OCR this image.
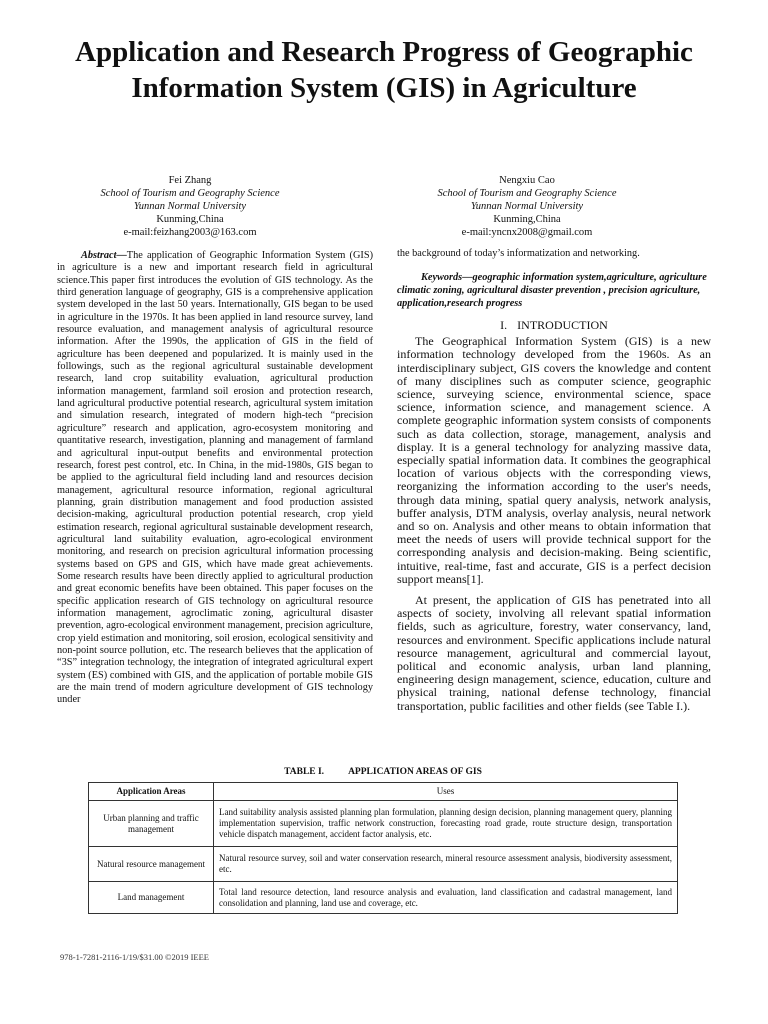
Application and Research Progress of Geographic Information System (GIS) in Agriculture
Fei Zhang
School of Tourism and Geography Science
Yunnan Normal University
Kunming,China
e-mail:feizhang2003@163.com
Nengxiu Cao
School of Tourism and Geography Science
Yunnan Normal University
Kunming,China
e-mail:yncnx2008@gmail.com

Abstract—The application of Geographic Information System (GIS) in agriculture is a new and important research field in agricultural science.This paper first introduces the evolution of GIS technology. As the third generation language of geography, GIS is a comprehensive application system developed in the last 50 years. Internationally, GIS began to be used in agriculture in the 1970s. It has been applied in land resource survey, land resource evaluation, and management analysis of agricultural resource information. After the 1990s, the application of GIS in the field of agriculture has been deepened and popularized. It is mainly used in the followings, such as the regional agricultural sustainable development research, land crop suitability evaluation, agricultural production information management, farmland soil erosion and protection research, land agricultural productive potential research, agricultural system imitation and simulation research, integrated of modern high-tech “precision agriculture” research and application, agro-ecosystem monitoring and quantitative research, investigation, planning and management of farmland and agricultural input-output benefits and environmental protection research, forest pest control, etc. In China, in the mid-1980s, GIS began to be applied to the agricultural field including land and resources decision management, agricultural resource information, regional agricultural planning, grain distribution management and food production assisted decision-making, agricultural production potential research, crop yield estimation research, regional agricultural sustainable development research, agricultural land suitability evaluation, agro-ecological environment monitoring, and research on precision agricultural information processing systems based on GPS and GIS, which have made great achievements. Some research results have been directly applied to agricultural production and great economic benefits have been obtained. This paper focuses on the specific application research of GIS technology on agricultural resource information management, agroclimatic zoning, agricultural disaster prevention, agro-ecological environment management, precision agriculture, crop yield estimation and monitoring, soil erosion, ecological sensitivity and non-point source pollution, etc. The research believes that the application of “3S” integration technology, the integration of integrated agricultural expert system (ES) combined with GIS, and the application of portable mobile GIS are the main trend of modern agriculture development of GIS technology under

the background of today’s informatization and networking.

Keywords—geographic information system,agriculture, agriculture climatic zoning, agricultural disaster prevention , precision agriculture, application,research progress

I. INTRODUCTION

The Geographical Information System (GIS) is a new information technology developed from the 1960s. As an interdisciplinary subject, GIS covers the knowledge and content of many disciplines such as computer science, geographic science, surveying science, environmental science, space science, information science, and management science. A complete geographic information system consists of components such as data collection, storage, management, analysis and display. It is a general technology for analyzing massive data, especially spatial information data. It combines the geographical location of various objects with the corresponding views, reorganizing the information according to the user's needs, through data mining, spatial query analysis, network analysis, buffer analysis, DTM analysis, overlay analysis, neural network and so on. Analysis and other means to obtain information that meet the needs of users will provide technical support for the corresponding analysis and decision-making. Being scientific, intuitive, real-time, fast and accurate, GIS is a perfect decision support means[1].

At present, the application of GIS has penetrated into all aspects of society, involving all relevant spatial information fields, such as agriculture, forestry, water conservancy, land, resources and environment. Specific applications include natural resource management, agricultural and commercial layout, political and economic analysis, urban land planning, engineering design management, science, education, culture and physical training, national defense technology, financial transportation, public facilities and other fields (see Table I.).

TABLE I.	APPLICATION AREAS OF GIS
Application Areas	Uses
Urban planning and traffic management	Land suitability analysis assisted planning plan formulation, planning design decision, planning management query, planning implementation supervision, traffic network construction, forecasting road grade, route structure design, transportation vehicle dispatch management, accident factor analysis, etc.
Natural resource management	Natural resource survey, soil and water conservation research, mineral resource assessment analysis, biodiversity assessment, etc.
Land management	Total land resource detection, land resource analysis and evaluation, land classification and cadastral management, land consolidation and planning, land use and coverage, etc.
978-1-7281-2116-1/19/$31.00 ©2019 IEEE
